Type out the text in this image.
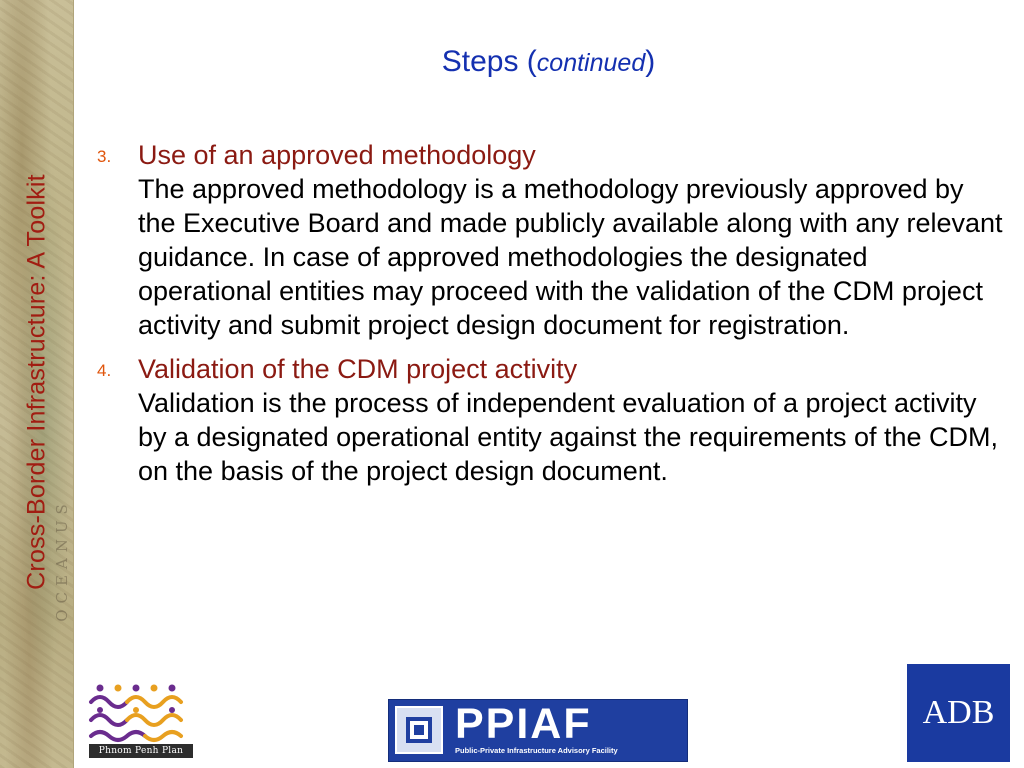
OCEANUS
Cross-Border Infrastructure: A Toolkit
Steps (continued)
3. Use of an approved methodology
The approved methodology is a methodology previously approved by the Executive Board and made publicly available along with any relevant guidance. In case of approved methodologies the designated operational entities may proceed with the validation of the CDM project activity and submit project design document for registration.
4. Validation of the CDM project activity
Validation is the process of independent evaluation of a project activity by a designated operational entity against the requirements of the CDM, on the basis of the project design document.
Phnom Penh Plan
PPIAF
Public-Private Infrastructure Advisory Facility
ADB
